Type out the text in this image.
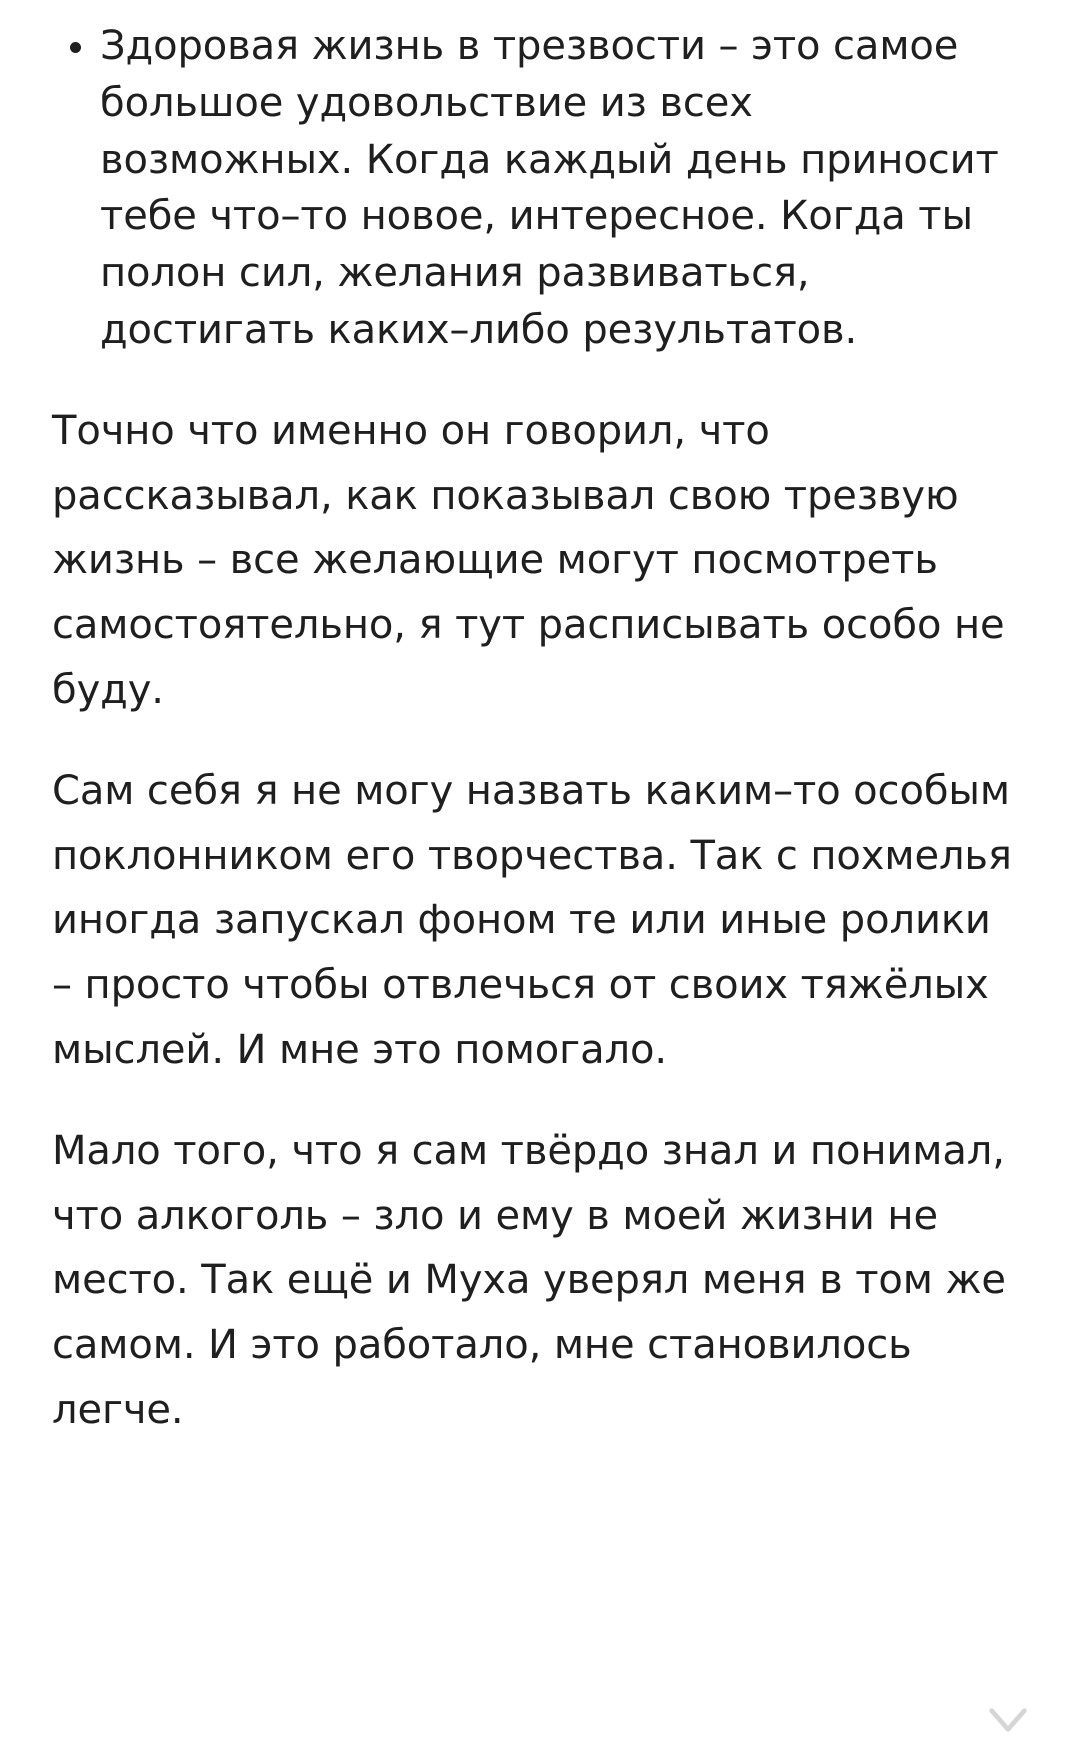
Здоровая жизнь в трезвости – это самое большое удовольствие из всех возможных. Когда каждый день приносит тебе что–то новое, интересное. Когда ты полон сил, желания развиваться, достигать каких–либо результатов.

Точно что именно он говорил, что рассказывал, как показывал свою трезвую жизнь – все желающие могут посмотреть самостоятельно, я тут расписывать особо не буду.

Сам себя я не могу назвать каким–то особым поклонником его творчества. Так с похмелья иногда запускал фоном те или иные ролики – просто чтобы отвлечься от своих тяжёлых мыслей. И мне это помогало.

Мало того, что я сам твёрдо знал и понимал, что алкоголь – зло и ему в моей жизни не место. Так ещё и Муха уверял меня в том же самом. И это работало, мне становилось легче.
